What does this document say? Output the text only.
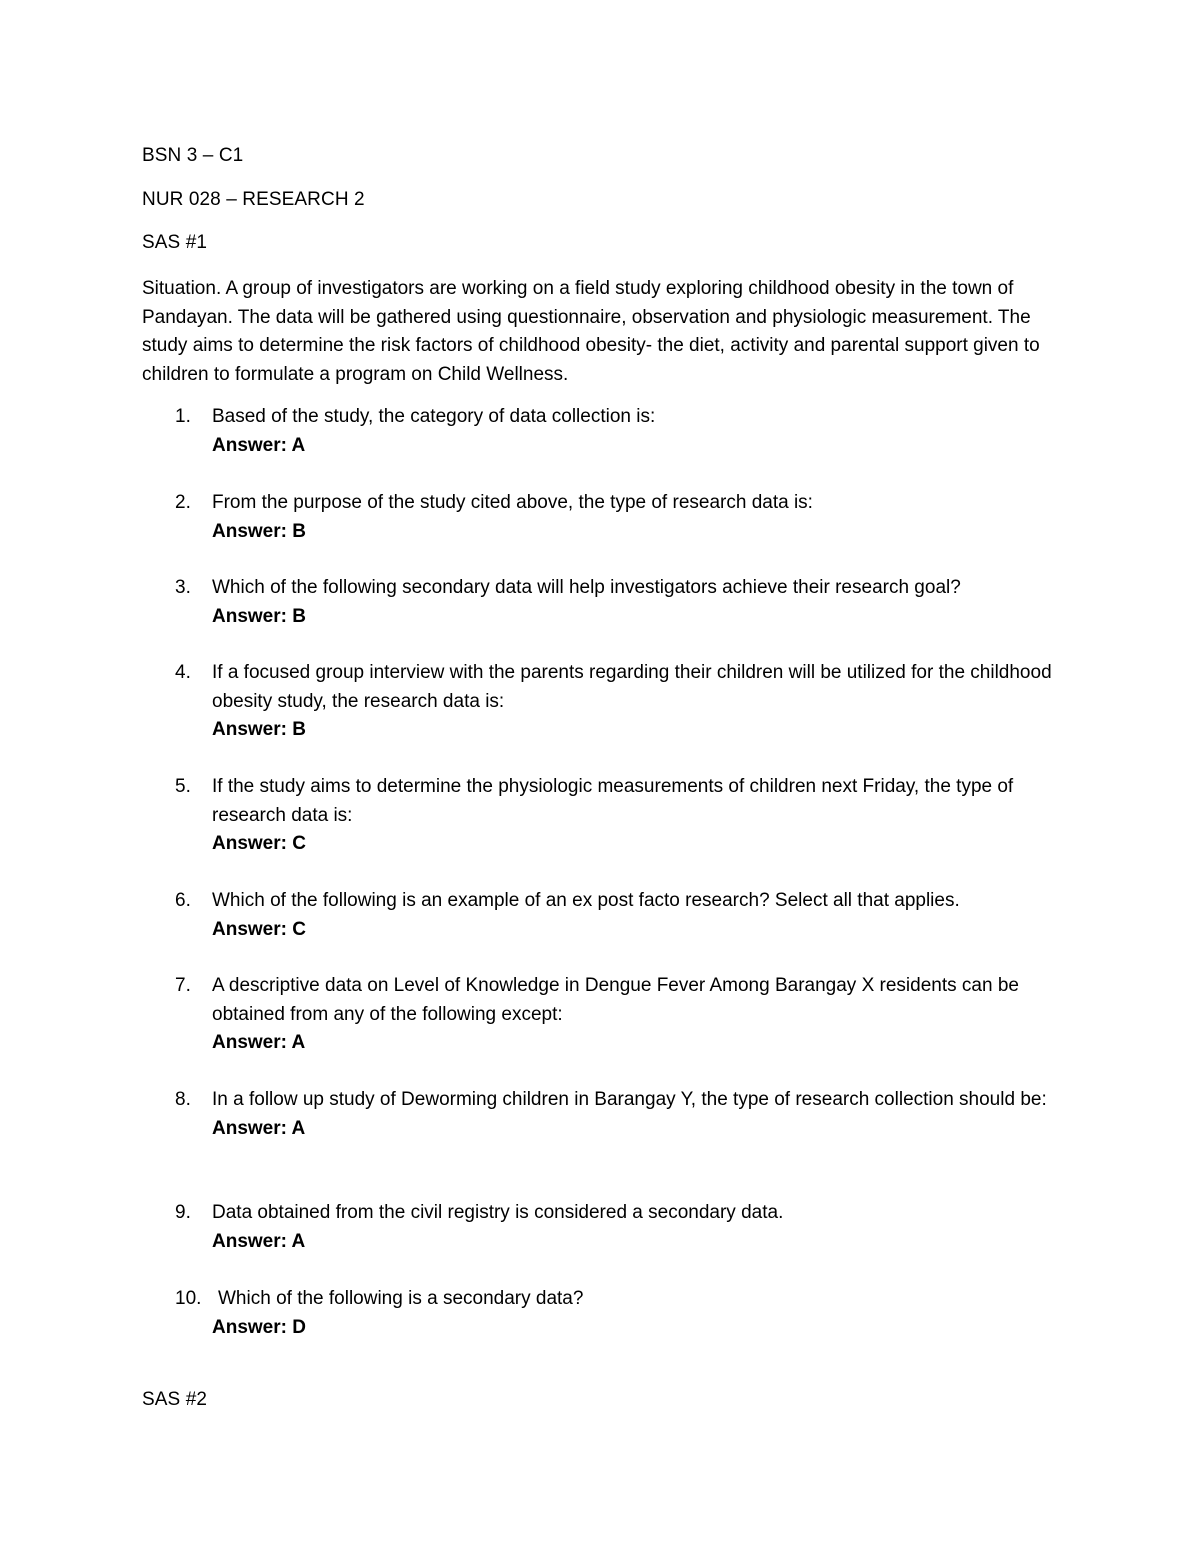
BSN 3 – C1
NUR 028 – RESEARCH 2
SAS #1
Situation. A group of investigators are working on a field study exploring childhood obesity in the town of Pandayan. The data will be gathered using questionnaire, observation and physiologic measurement. The study aims to determine the risk factors of childhood obesity- the diet, activity and parental support given to children to formulate a program on Child Wellness.
1.	Based of the study, the category of data collection is:
Answer: A
2.	From the purpose of the study cited above, the type of research data is:
Answer: B
3.	Which of the following secondary data will help investigators achieve their research goal?
Answer: B
4.	If a focused group interview with the parents regarding their children will be utilized for the childhood obesity study, the research data is:
Answer: B
5.	If the study aims to determine the physiologic measurements of children next Friday, the type of research data is:
Answer: C
6.	Which of the following is an example of an ex post facto research? Select all that applies.
Answer: C
7.	A descriptive data on Level of Knowledge in Dengue Fever Among Barangay X residents can be obtained from any of the following except:
Answer: A
8.	In a follow up study of Deworming children in Barangay Y, the type of research collection should be:
Answer: A
9.	Data obtained from the civil registry is considered a secondary data.
Answer: A
10. Which of the following is a secondary data?
Answer: D
SAS #2
